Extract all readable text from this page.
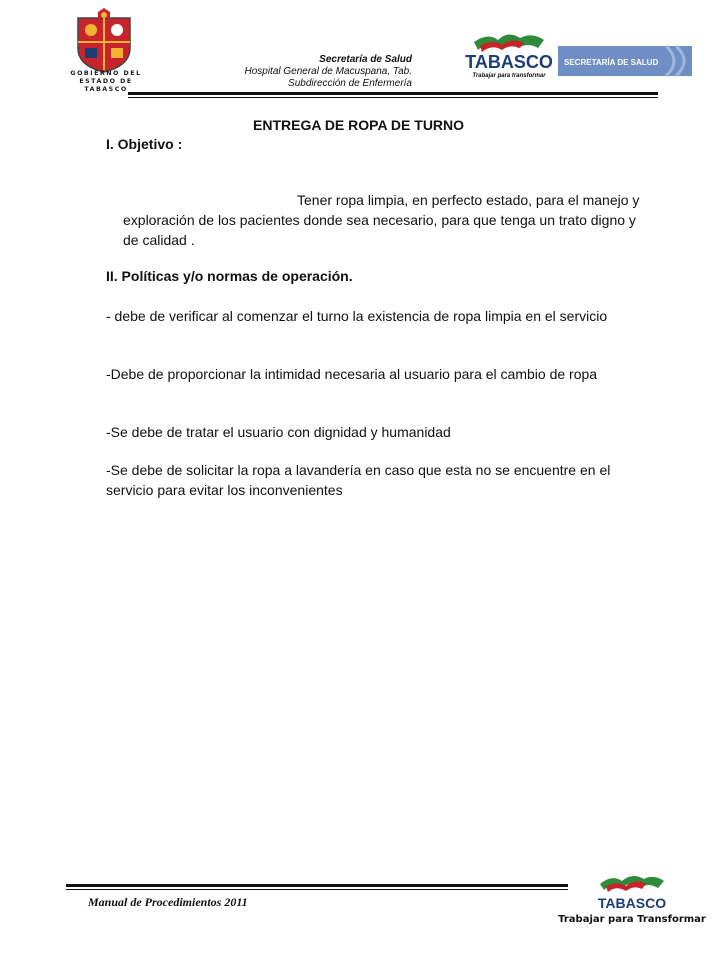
GOBIERNO DEL
ESTADO DE
TABASCO
Secretaría de Salud
Hospital General de Macuspana, Tab.
Subdirección de Enfermería
TABASCO
Trabajar para transformar
SECRETARÍA DE SALUD
ENTREGA DE ROPA DE TURNO
I. Objetivo :
Tener ropa limpia, en perfecto estado, para el manejo y exploración de los pacientes donde sea necesario, para que tenga un trato digno y de calidad .
II. Políticas y/o normas de operación.
- debe de verificar al comenzar el turno la existencia de ropa limpia en el servicio
-Debe de proporcionar la intimidad necesaria al usuario para el cambio de ropa
-Se debe de tratar el usuario con dignidad y humanidad
-Se debe de solicitar la ropa a lavandería en caso que esta no se encuentre en el servicio para evitar los inconvenientes
Manual de Procedimientos 2011	TABASCO
Trabajar para Transformar
